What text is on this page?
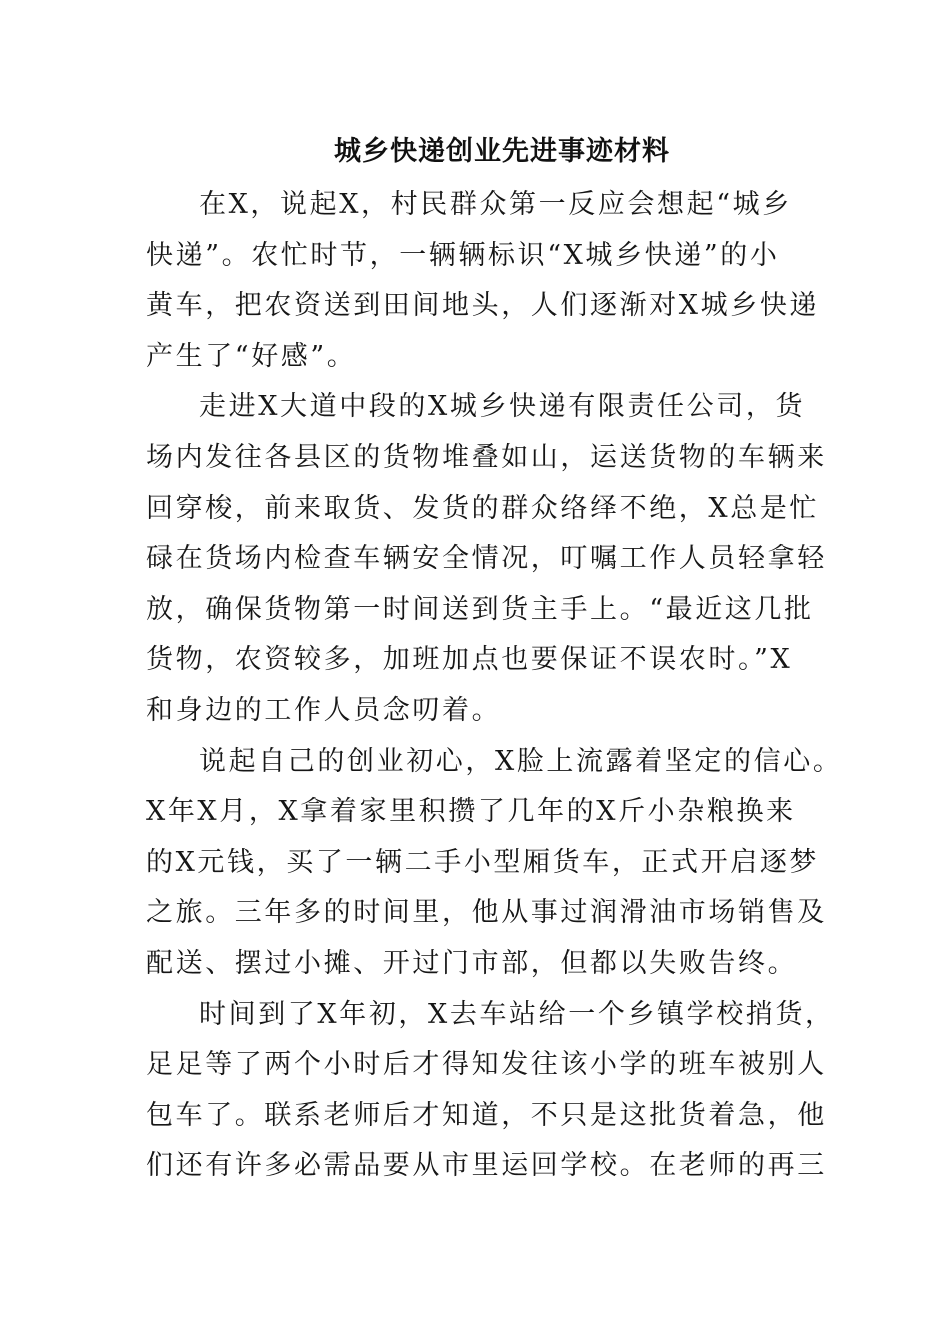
城乡快递创业先进事迹材料
在X，说起X，村民群众第一反应会想起“城乡
快递”。农忙时节，一辆辆标识“X城乡快递”的小
黄车，把农资送到田间地头，人们逐渐对X城乡快递
产生了“好感”。
走进X大道中段的X城乡快递有限责任公司，货
场内发往各县区的货物堆叠如山，运送货物的车辆来
回穿梭，前来取货、发货的群众络绎不绝，X总是忙
碌在货场内检查车辆安全情况，叮嘱工作人员轻拿轻
放，确保货物第一时间送到货主手上。“最近这几批
货物，农资较多，加班加点也要保证不误农时。”X
和身边的工作人员念叨着。
说起自己的创业初心，X脸上流露着坚定的信心。
X年X月，X拿着家里积攒了几年的X斤小杂粮换来
的X元钱，买了一辆二手小型厢货车，正式开启逐梦
之旅。三年多的时间里，他从事过润滑油市场销售及
配送、摆过小摊、开过门市部，但都以失败告终。
时间到了X年初，X去车站给一个乡镇学校捎货，
足足等了两个小时后才得知发往该小学的班车被别人
包车了。联系老师后才知道，不只是这批货着急，他
们还有许多必需品要从市里运回学校。在老师的再三
